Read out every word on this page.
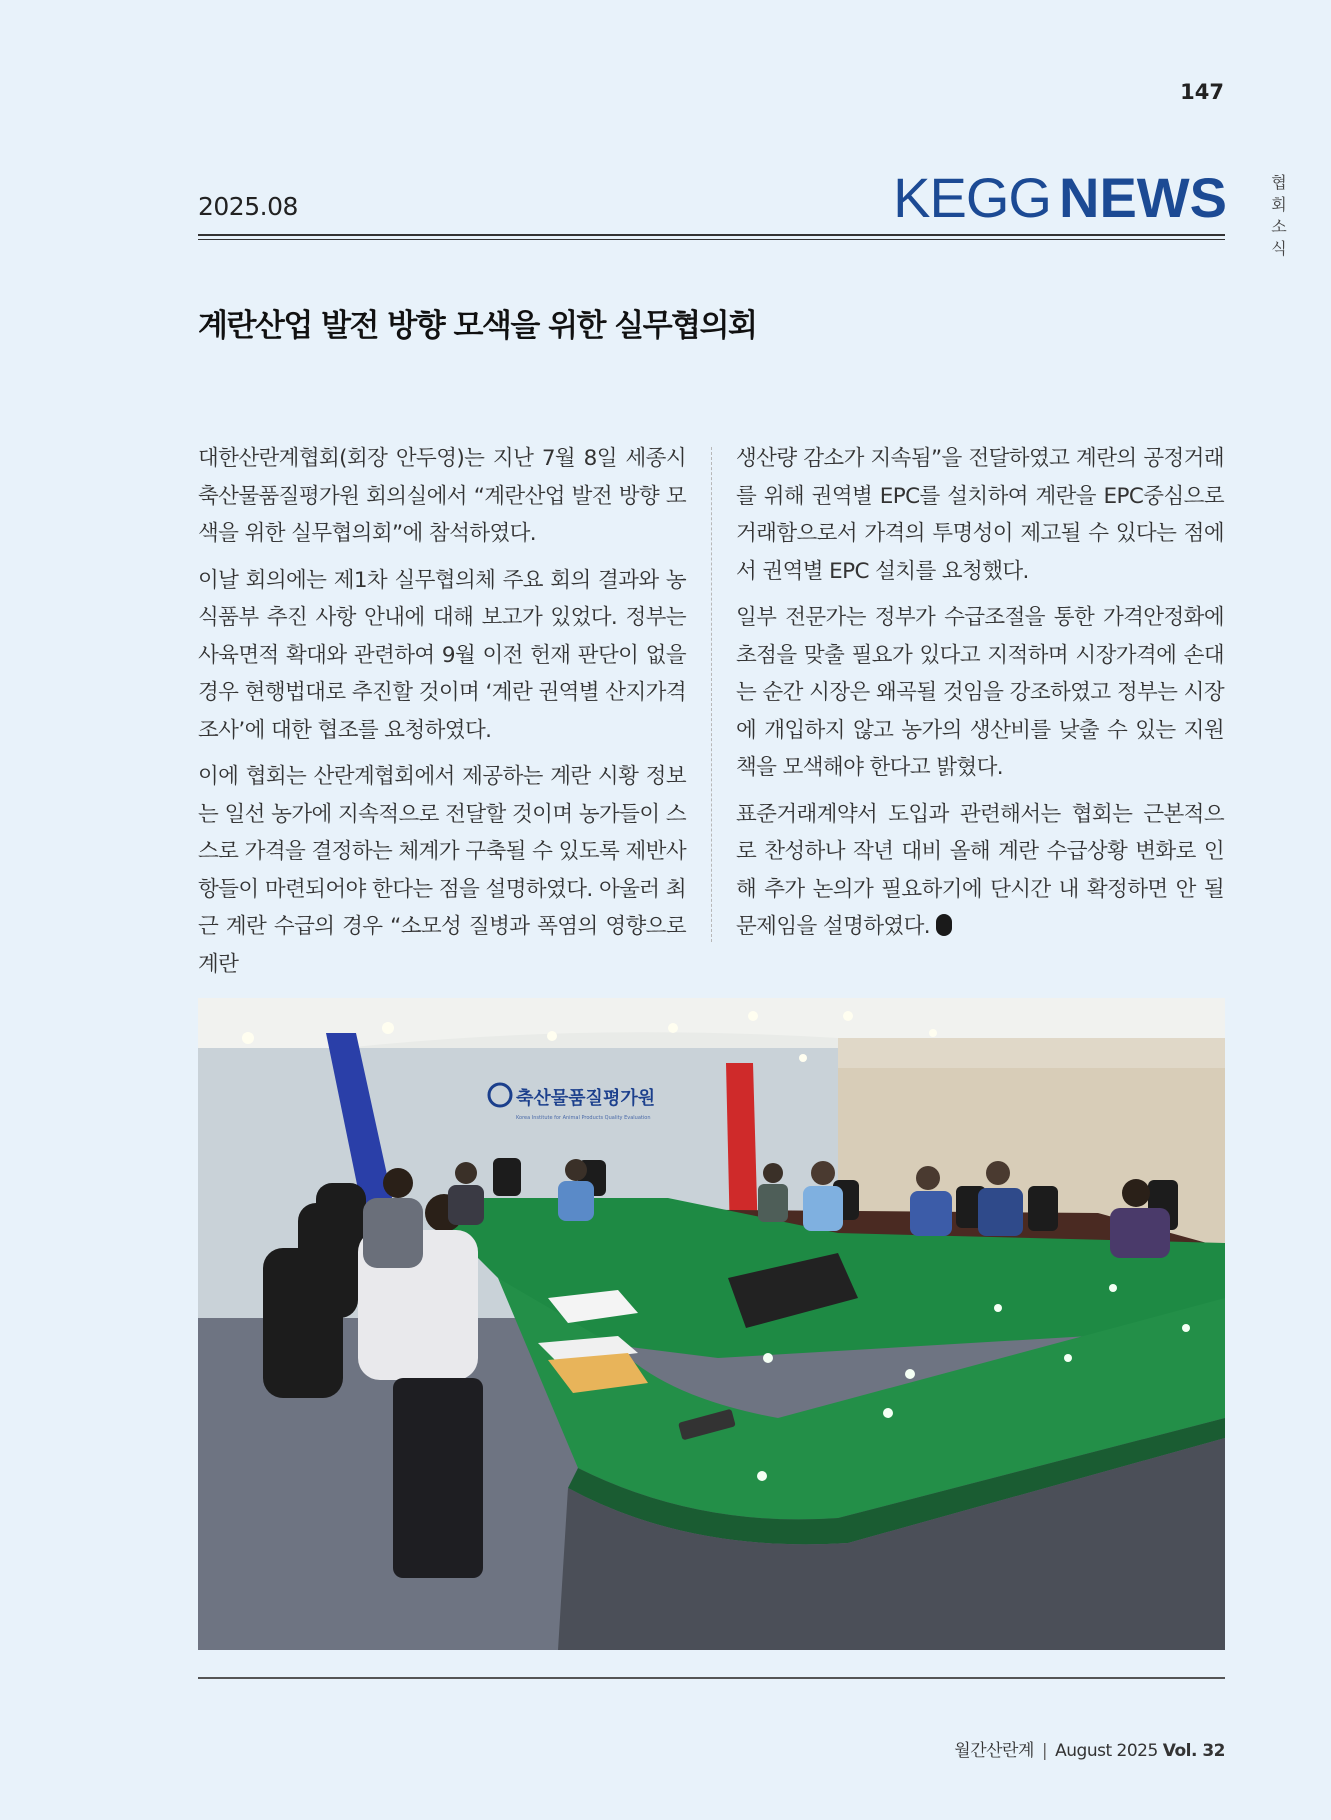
147
협
회
소
식
2025.08	KEGG NEWS
계란산업 발전 방향 모색을 위한 실무협의회

대한산란계협회(회장 안두영)는 지난 7월 8일 세종시 축산물품질평가원 회의실에서 “계란산업 발전 방향 모색을 위한 실무협의회”에 참석하였다.

이날 회의에는 제1차 실무협의체 주요 회의 결과와 농식품부 추진 사항 안내에 대해 보고가 있었다. 정부는 사육면적 확대와 관련하여 9월 이전 헌재 판단이 없을 경우 현행법대로 추진할 것이며 ‘계란 권역별 산지가격 조사’에 대한 협조를 요청하였다.

이에 협회는 산란계협회에서 제공하는 계란 시황 정보는 일선 농가에 지속적으로 전달할 것이며 농가들이 스스로 가격을 결정하는 체계가 구축될 수 있도록 제반사항들이 마련되어야 한다는 점을 설명하였다. 아울러 최근 계란 수급의 경우 “소모성 질병과 폭염의 영향으로 계란

생산량 감소가 지속됨”을 전달하였고 계란의 공정거래를 위해 권역별 EPC를 설치하여 계란을 EPC중심으로 거래함으로서 가격의 투명성이 제고될 수 있다는 점에서 권역별 EPC 설치를 요청했다.

일부 전문가는 정부가 수급조절을 통한 가격안정화에 초점을 맞출 필요가 있다고 지적하며 시장가격에 손대는 순간 시장은 왜곡될 것임을 강조하였고 정부는 시장에 개입하지 않고 농가의 생산비를 낮출 수 있는 지원책을 모색해야 한다고 밝혔다.

표준거래계약서 도입과 관련해서는 협회는 근본적으로 찬성하나 작년 대비 올해 계란 수급상황 변화로 인해 추가 논의가 필요하기에 단시간 내 확정하면 안 될 문제임을 설명하였다.

축산물품질평가원
Korea Institute for Animal Products Quality Evaluation
월간산란계 | August 2025 Vol. 32
